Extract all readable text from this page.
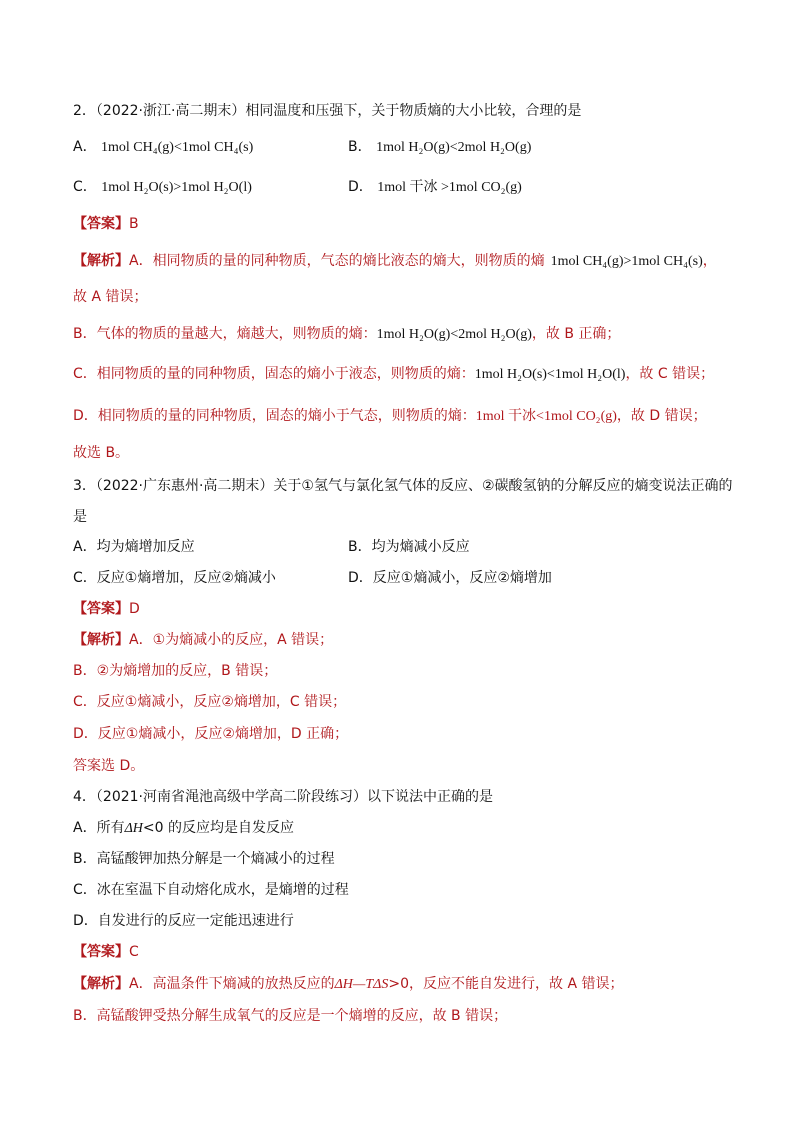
2．（2022·浙江·高二期末）相同温度和压强下，关于物质熵的大小比较，合理的是
A． 1mol CH₄(g)<1mol CH₄(s)	B． 1mol H₂O(g)<2mol H₂O(g)
C． 1mol H₂O(s)>1mol H₂O(l)	D． 1mol 干冰 >1mol CO₂(g)
【答案】B
【解析】A．相同物质的量的同种物质，气态的熵比液态的熵大，则物质的熵 1mol CH₄(g)>1mol CH₄(s)，
故 A 错误；
B．气体的物质的量越大，熵越大，则物质的熵：1mol H₂O(g)<2mol H₂O(g)，故 B 正确；
C．相同物质的量的同种物质，固态的熵小于液态，则物质的熵：1mol H₂O(s)<1mol H₂O(l)，故 C 错误；
D．相同物质的量的同种物质，固态的熵小于气态，则物质的熵：1mol 干冰<1mol CO₂(g)，故 D 错误；
故选 B。
3．（2022·广东惠州·高二期末）关于①氢气与氯化氢气体的反应、②碳酸氢钠的分解反应的熵变说法正确的
是
A．均为熵增加反应	B．均为熵减小反应
C．反应①熵增加，反应②熵减小	D．反应①熵减小，反应②熵增加
【答案】D
【解析】A．①为熵减小的反应，A 错误；
B．②为熵增加的反应，B 错误；
C．反应①熵减小，反应②熵增加，C 错误；
D．反应①熵减小，反应②熵增加，D 正确；
答案选 D。
4．（2021·河南省渑池高级中学高二阶段练习）以下说法中正确的是
A．所有ΔH<0 的反应均是自发反应
B．高锰酸钾加热分解是一个熵减小的过程
C．冰在室温下自动熔化成水，是熵增的过程
D．自发进行的反应一定能迅速进行
【答案】C
【解析】A．高温条件下熵减的放热反应的ΔH—TΔS>0，反应不能自发进行，故 A 错误；
B．高锰酸钾受热分解生成氧气的反应是一个熵增的反应，故 B 错误；
